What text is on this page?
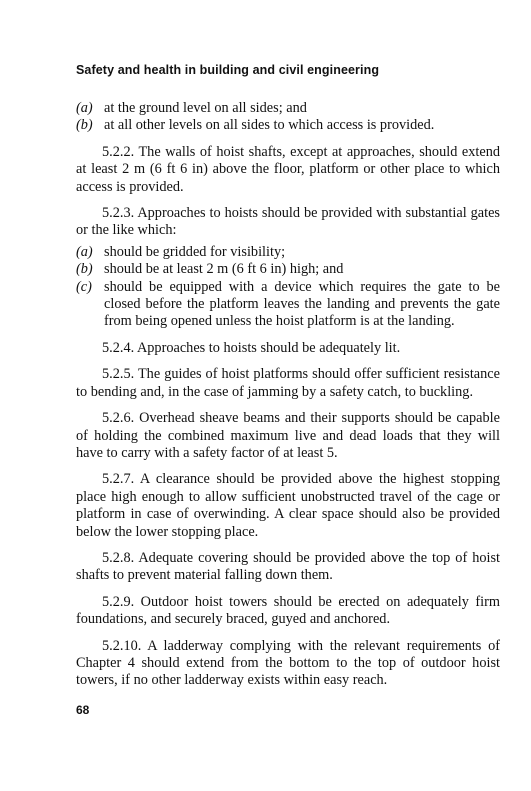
Safety and health in building and civil engineering
(a) at the ground level on all sides; and
(b) at all other levels on all sides to which access is provided.

5.2.2. The walls of hoist shafts, except at approaches, should extend at least 2 m (6 ft 6 in) above the floor, platform or other place to which access is provided.

5.2.3. Approaches to hoists should be provided with substantial gates or the like which:

(a) should be gridded for visibility;
(b) should be at least 2 m (6 ft 6 in) high; and
(c) should be equipped with a device which requires the gate to be closed before the platform leaves the landing and prevents the gate from being opened unless the hoist platform is at the landing.

5.2.4. Approaches to hoists should be adequately lit.

5.2.5. The guides of hoist platforms should offer sufficient resistance to bending and, in the case of jamming by a safety catch, to buckling.

5.2.6. Overhead sheave beams and their supports should be capable of holding the combined maximum live and dead loads that they will have to carry with a safety factor of at least 5.

5.2.7. A clearance should be provided above the highest stopping place high enough to allow sufficient unobstructed travel of the cage or platform in case of overwinding. A clear space should also be provided below the lower stopping place.

5.2.8. Adequate covering should be provided above the top of hoist shafts to prevent material falling down them.

5.2.9. Outdoor hoist towers should be erected on adequately firm foundations, and securely braced, guyed and anchored.

5.2.10. A ladderway complying with the relevant requirements of Chapter 4 should extend from the bottom to the top of outdoor hoist towers, if no other ladderway exists within easy reach.

68
